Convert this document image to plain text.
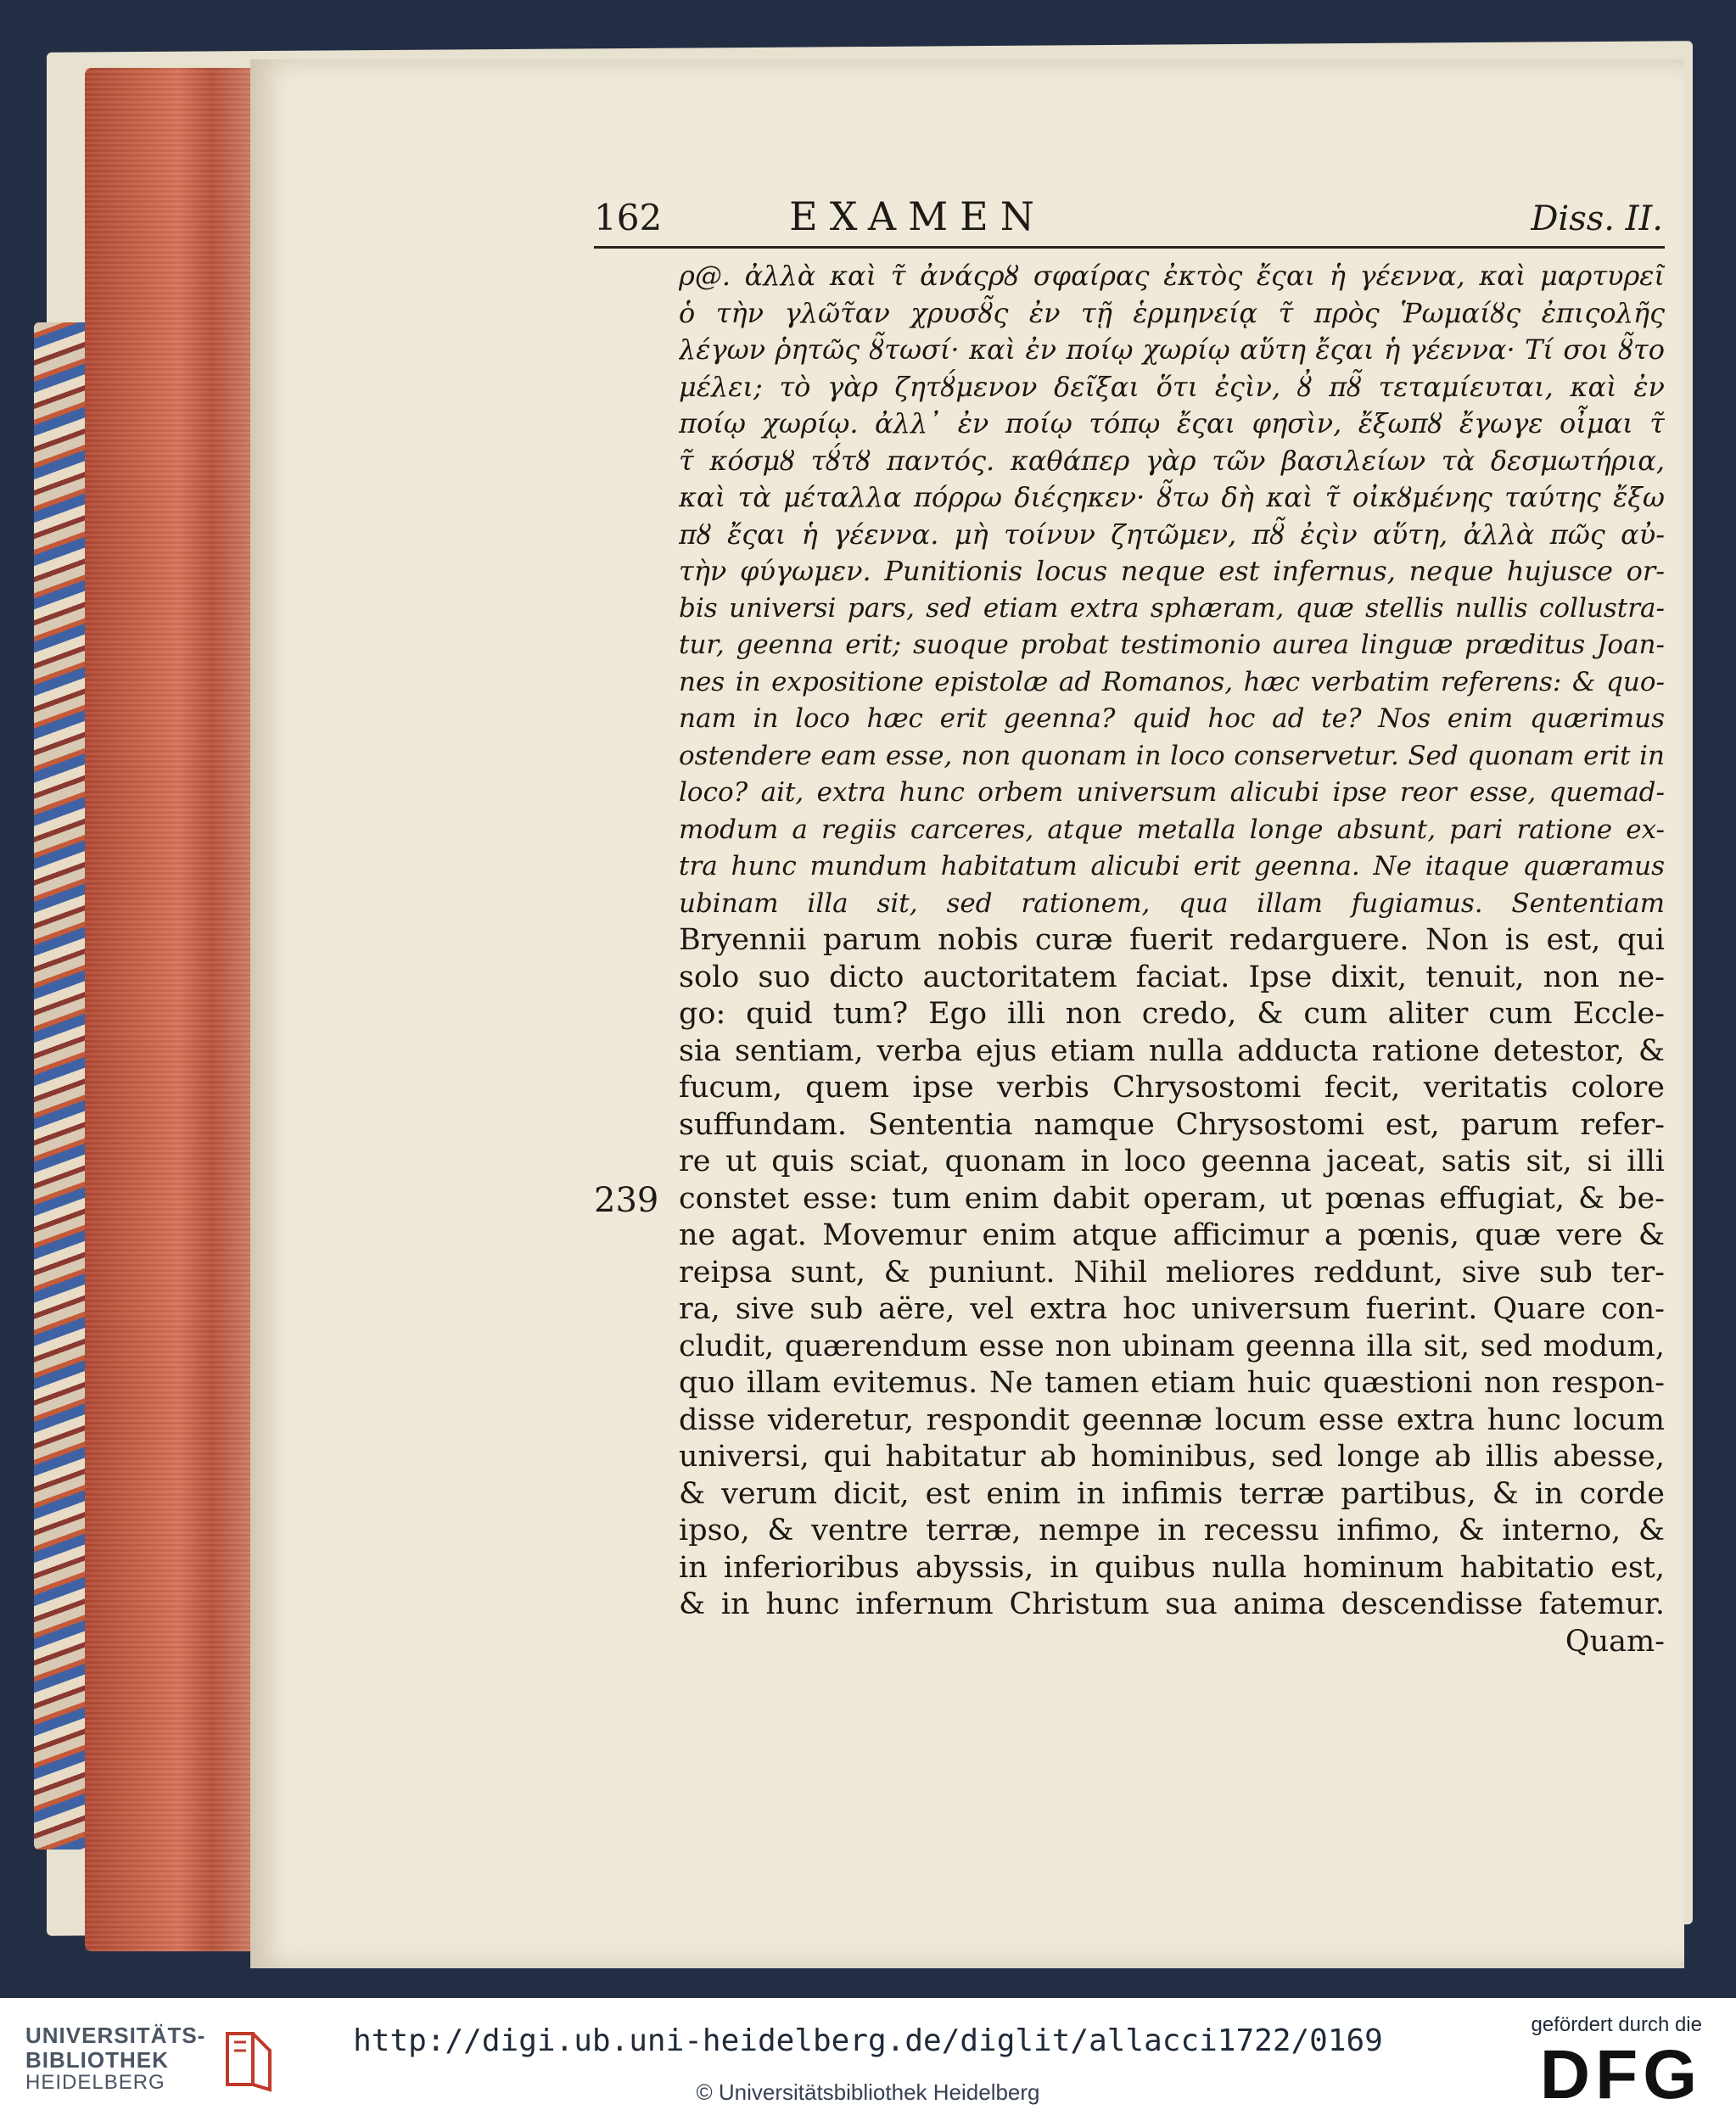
162	EXAMEN	Diss. II.
239
ρ@. ἀλλὰ καὶ τ̃ ἀνάςρȣ σφαίρας ἐκτὸς ἔςαι ἡ γέεννα, καὶ μαρτυρεῖ
ὁ τὴν γλῶτ̃αν χρυσȣ̃ς ἐν τῇ ἑρμηνείᾳ τ̃ πρὸς Ῥωμαίȣς ἐπιςολῆς
λέγων ῥητῶς ȣ̃τωσί· καὶ ἐν ποίῳ χωρίῳ αὕτη ἔςαι ἡ γέεννα· Τί σοι ȣ̃το
μέλει; τὸ γὰρ ζητȣ́μενον δεῖξαι ὅτι ἐςὶν, ȣ̓ πȣ̃ τεταμίευται, καὶ ἐν
ποίῳ χωρίῳ. ἀλλ᾽ ἐν ποίῳ τόπῳ ἔςαι φησὶν, ἔξωπȣ ἔγωγε οἶμαι τ̃
τ̃ κόσμȣ τȣ́τȣ παντός. καθάπερ γὰρ τῶν βασιλείων τὰ δεσμωτήρια,
καὶ τὰ μέταλλα πόρρω διέςηκεν· ȣ̃τω δὴ καὶ τ̃ οἰκȣμένης ταύτης ἔξω
πȣ ἔςαι ἡ γέεννα. μὴ τοίνυν ζητῶμεν, πȣ̃ ἐςὶν αὕτη, ἀλλὰ πῶς αὐ-
τὴν φύγωμεν. Punitionis locus neque est infernus, neque hujusce or-
bis universi pars, sed etiam extra sphæram, quæ stellis nullis collustra-
tur, geenna erit; suoque probat testimonio aurea linguæ præditus Joan-
nes in expositione epistolæ ad Romanos, hæc verbatim referens: & quo-
nam in loco hæc erit geenna? quid hoc ad te? Nos enim quærimus
ostendere eam esse, non quonam in loco conservetur. Sed quonam erit in
loco? ait, extra hunc orbem universum alicubi ipse reor esse, quemad-
modum a regiis carceres, atque metalla longe absunt, pari ratione ex-
tra hunc mundum habitatum alicubi erit geenna. Ne itaque quæramus
ubinam illa sit, sed rationem, qua illam fugiamus. Sententiam
Bryennii parum nobis curæ fuerit redarguere. Non is est, qui
solo suo dicto auctoritatem faciat. Ipse dixit, tenuit, non ne-
go: quid tum? Ego illi non credo, & cum aliter cum Eccle-
sia sentiam, verba ejus etiam nulla adducta ratione detestor, &
fucum, quem ipse verbis Chrysostomi fecit, veritatis colore
suffundam. Sententia namque Chrysostomi est, parum refer-
re ut quis sciat, quonam in loco geenna jaceat, satis sit, si illi
constet esse: tum enim dabit operam, ut pœnas effugiat, & be-
ne agat. Movemur enim atque afficimur a pœnis, quæ vere &
reipsa sunt, & puniunt. Nihil meliores reddunt, sive sub ter-
ra, sive sub aëre, vel extra hoc universum fuerint. Quare con-
cludit, quærendum esse non ubinam geenna illa sit, sed modum,
quo illam evitemus. Ne tamen etiam huic quæstioni non respon-
disse videretur, respondit geennæ locum esse extra hunc locum
universi, qui habitatur ab hominibus, sed longe ab illis abesse,
& verum dicit, est enim in infimis terræ partibus, & in corde
ipso, & ventre terræ, nempe in recessu infimo, & interno, &
in inferioribus abyssis, in quibus nulla hominum habitatio est,
& in hunc infernum Christum sua anima descendisse fatemur.
Quam-
UNIVERSITÄTS-
BIBLIOTHEK
HEIDELBERG
http://digi.ub.uni-heidelberg.de/diglit/allacci1722/0169
© Universitätsbibliothek Heidelberg
gefördert durch die
DFG
